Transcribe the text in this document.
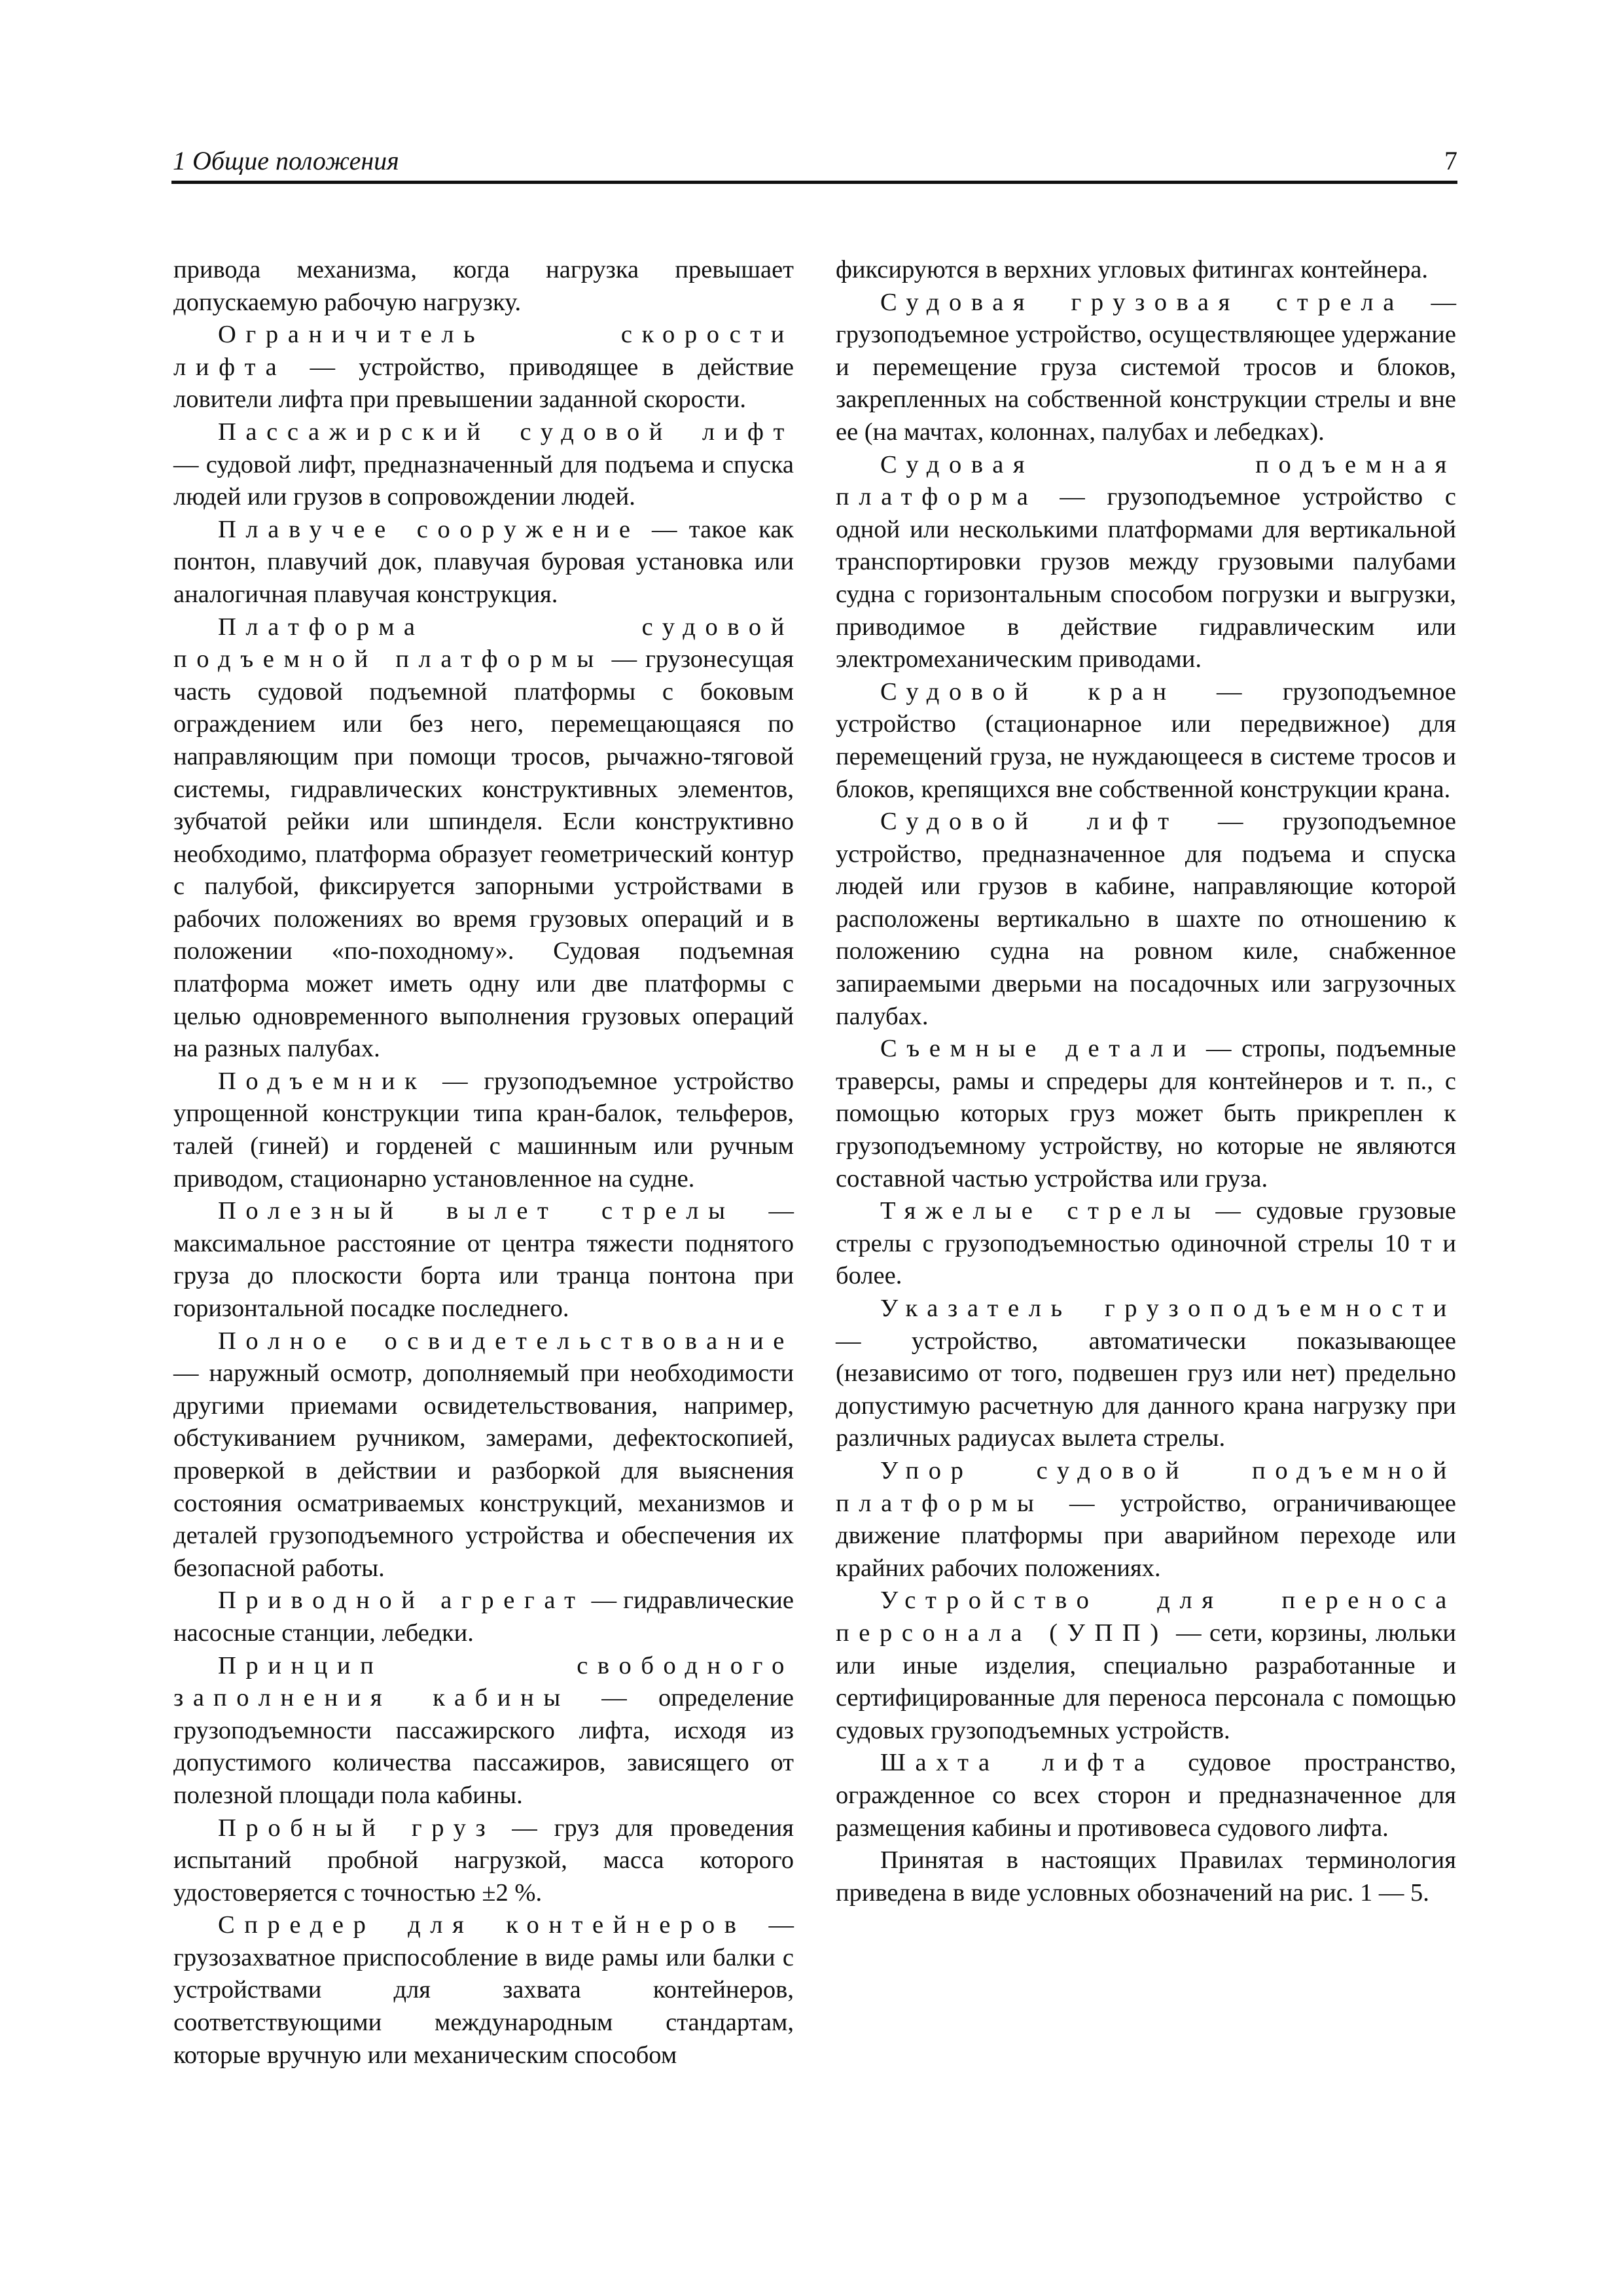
1 Общие положения	7

привода механизма, когда нагрузка превышает допускаемую рабочую нагрузку.

Ограничитель скорости лифта — устройство, приводящее в действие ловители лифта при превышении заданной скорости.

Пассажирский судовой лифт — судовой лифт, предназначенный для подъема и спуска людей или грузов в сопровождении людей.

Плавучее сооружение — такое как понтон, плавучий док, плавучая буровая установка или аналогичная плавучая конструкция.

Платформа судовой подъемной платформы — грузонесущая часть судовой подъемной платформы с боковым ограждением или без него, перемещающаяся по направляющим при помощи тросов, рычажно-тяговой системы, гидравлических конструктивных элементов, зубчатой рейки или шпинделя. Если конструктивно необходимо, платформа образует геометрический контур с палубой, фиксируется запорными устройствами в рабочих положениях во время грузовых операций и в положении «по-походному». Судовая подъемная платформа может иметь одну или две платформы с целью одновременного выполнения грузовых операций на разных палубах.

Подъемник — грузоподъемное устройство упрощенной конструкции типа кран-балок, тельферов, талей (гиней) и горденей с машинным или ручным приводом, стационарно установленное на судне.

Полезный вылет стрелы — максимальное расстояние от центра тяжести поднятого груза до плоскости борта или транца понтона при горизонтальной посадке последнего.

Полное освидетельствование — наружный осмотр, дополняемый при необходимости другими приемами освидетельствования, например, обстукиванием ручником, замерами, дефектоскопией, проверкой в действии и разборкой для выяснения состояния осматриваемых конструкций, механизмов и деталей грузоподъемного устройства и обеспечения их безопасной работы.

Приводной агрегат — гидравлические насосные станции, лебедки.

Принцип свободного заполнения кабины — определение грузоподъемности пассажирского лифта, исходя из допустимого количества пассажиров, зависящего от полезной площади пола кабины.

Пробный груз — груз для проведения испытаний пробной нагрузкой, масса которого удостоверяется с точностью ±2 %.

Спредер для контейнеров — грузозахватное приспособление в виде рамы или балки с устройствами для захвата контейнеров, соответствующими международным стандартам, которые вручную или механическим способом

фиксируются в верхних угловых фитингах контейнера.

Судовая грузовая стрела — грузоподъемное устройство, осуществляющее удержание и перемещение груза системой тросов и блоков, закрепленных на собственной конструкции стрелы и вне ее (на мачтах, колоннах, палубах и лебедках).

Судовая подъемная платформа — грузоподъемное устройство с одной или несколькими платформами для вертикальной транспортировки грузов между грузовыми палубами судна с горизонтальным способом погрузки и выгрузки, приводимое в действие гидравлическим или электромеханическим приводами.

Судовой кран — грузоподъемное устройство (стационарное или передвижное) для перемещений груза, не нуждающееся в системе тросов и блоков, крепящихся вне собственной конструкции крана.

Судовой лифт — грузоподъемное устройство, предназначенное для подъема и спуска людей или грузов в кабине, направляющие которой расположены вертикально в шахте по отношению к положению судна на ровном киле, снабженное запираемыми дверьми на посадочных или загрузочных палубах.

Съемные детали — стропы, подъемные траверсы, рамы и спредеры для контейнеров и т. п., с помощью которых груз может быть прикреплен к грузоподъемному устройству, но которые не являются составной частью устройства или груза.

Тяжелые стрелы — судовые грузовые стрелы с грузоподъемностью одиночной стрелы 10 т и более.

Указатель грузоподъемности — устройство, автоматически показывающее (независимо от того, подвешен груз или нет) предельно допустимую расчетную для данного крана нагрузку при различных радиусах вылета стрелы.

Упор судовой подъемной платформы — устройство, ограничивающее движение платформы при аварийном переходе или крайних рабочих положениях.

Устройство для переноса персонала (УПП) — сети, корзины, люльки или иные изделия, специально разработанные и сертифицированные для переноса персонала с помощью судовых грузоподъемных устройств.

Шахта лифта судовое пространство, огражденное со всех сторон и предназначенное для размещения кабины и противовеса судового лифта.

Принятая в настоящих Правилах терминология приведена в виде условных обозначений на рис. 1 — 5.
